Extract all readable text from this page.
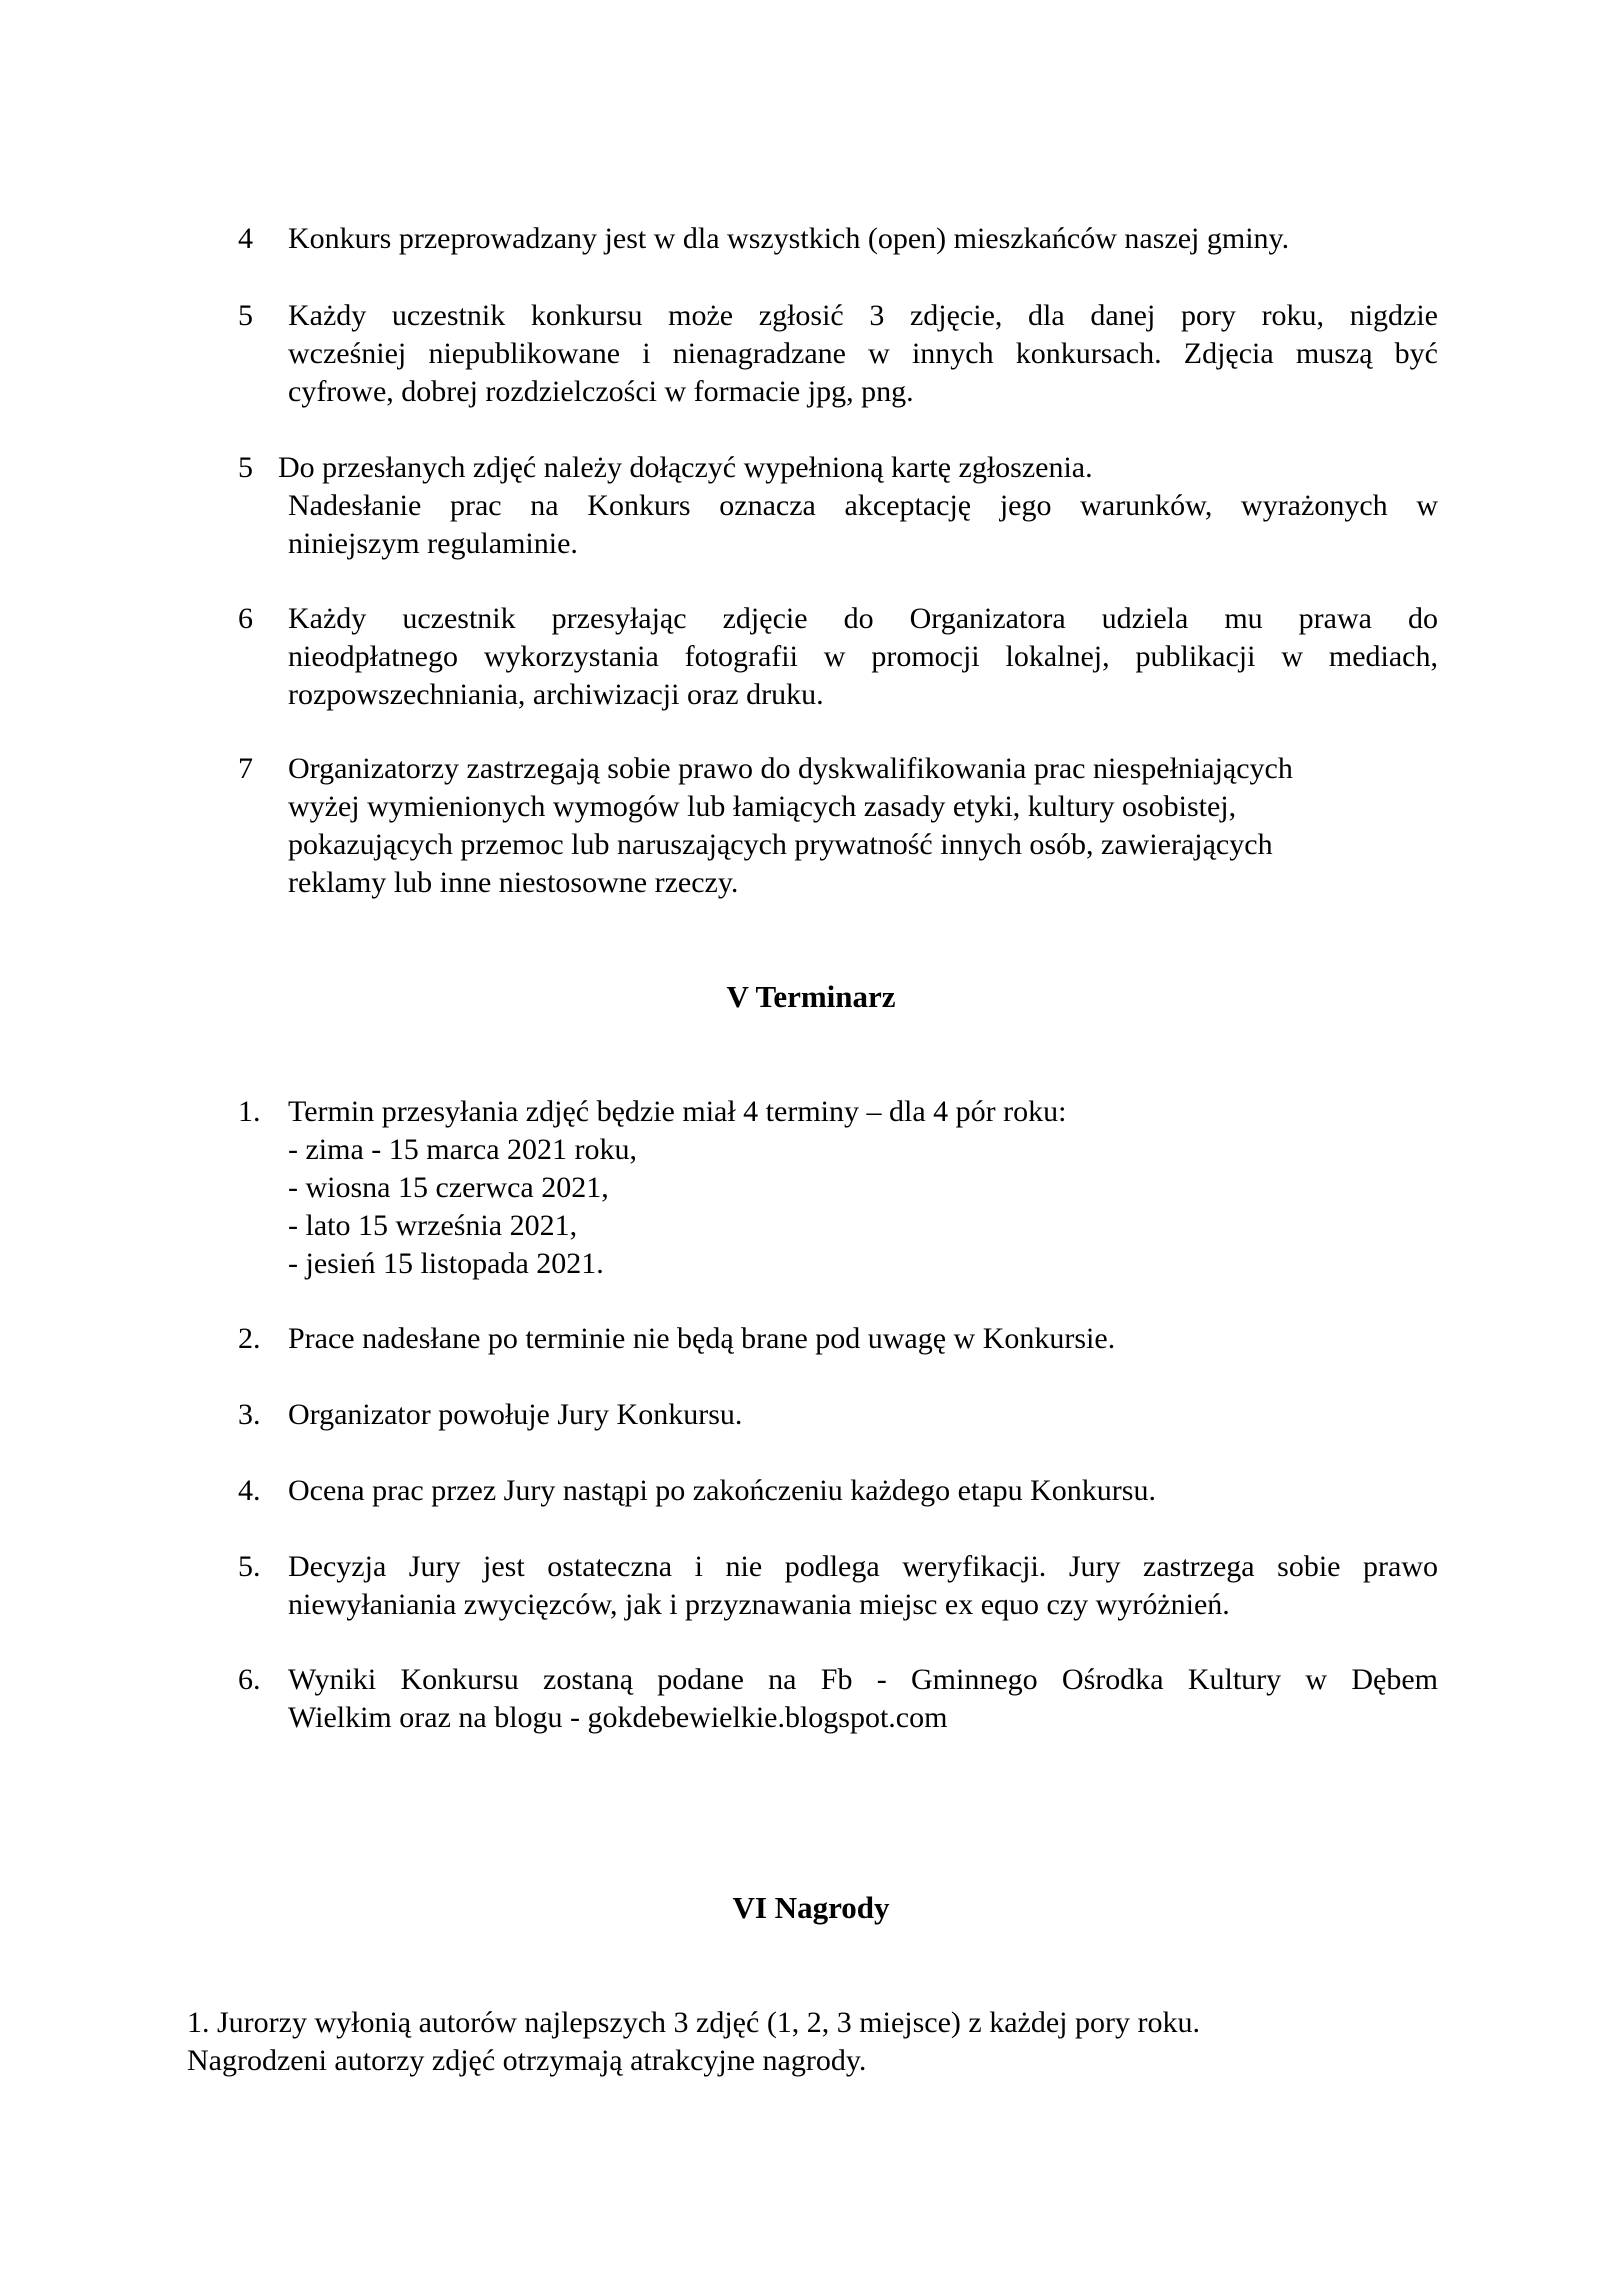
4 Konkurs przeprowadzany jest w dla wszystkich (open) mieszkańców naszej gminy.
5 Każdy uczestnik konkursu może zgłosić 3 zdjęcie, dla danej pory roku, nigdzie
wcześniej niepublikowane i nienagradzane w innych konkursach. Zdjęcia muszą być
cyfrowe, dobrej rozdzielczości w formacie jpg, png.
5 Do przesłanych zdjęć należy dołączyć wypełnioną kartę zgłoszenia.
Nadesłanie prac na Konkurs oznacza akceptację jego warunków, wyrażonych w
niniejszym regulaminie.
6 Każdy uczestnik przesyłając zdjęcie do Organizatora udziela mu prawa do
nieodpłatnego wykorzystania fotografii w promocji lokalnej, publikacji w mediach,
rozpowszechniania, archiwizacji oraz druku.
7 Organizatorzy zastrzegają sobie prawo do dyskwalifikowania prac niespełniających
wyżej wymienionych wymogów lub łamiących zasady etyki, kultury osobistej,
pokazujących przemoc lub naruszających prywatność innych osób, zawierających
reklamy lub inne niestosowne rzeczy.
V Terminarz
1. Termin przesyłania zdjęć będzie miał 4 terminy – dla 4 pór roku:
- zima - 15 marca 2021 roku,
- wiosna 15 czerwca 2021,
- lato 15 września 2021,
- jesień 15 listopada 2021.
2. Prace nadesłane po terminie nie będą brane pod uwagę w Konkursie.
3. Organizator powołuje Jury Konkursu.
4. Ocena prac przez Jury nastąpi po zakończeniu każdego etapu Konkursu.
5. Decyzja Jury jest ostateczna i nie podlega weryfikacji. Jury zastrzega sobie prawo
niewyłaniania zwycięzców, jak i przyznawania miejsc ex equo czy wyróżnień.
6. Wyniki Konkursu zostaną podane na Fb - Gminnego Ośrodka Kultury w Dębem
Wielkim oraz na blogu - gokdebewielkie.blogspot.com
VI Nagrody
1. Jurorzy wyłonią autorów najlepszych 3 zdjęć (1, 2, 3 miejsce) z każdej pory roku.
Nagrodzeni autorzy zdjęć otrzymają atrakcyjne nagrody.
